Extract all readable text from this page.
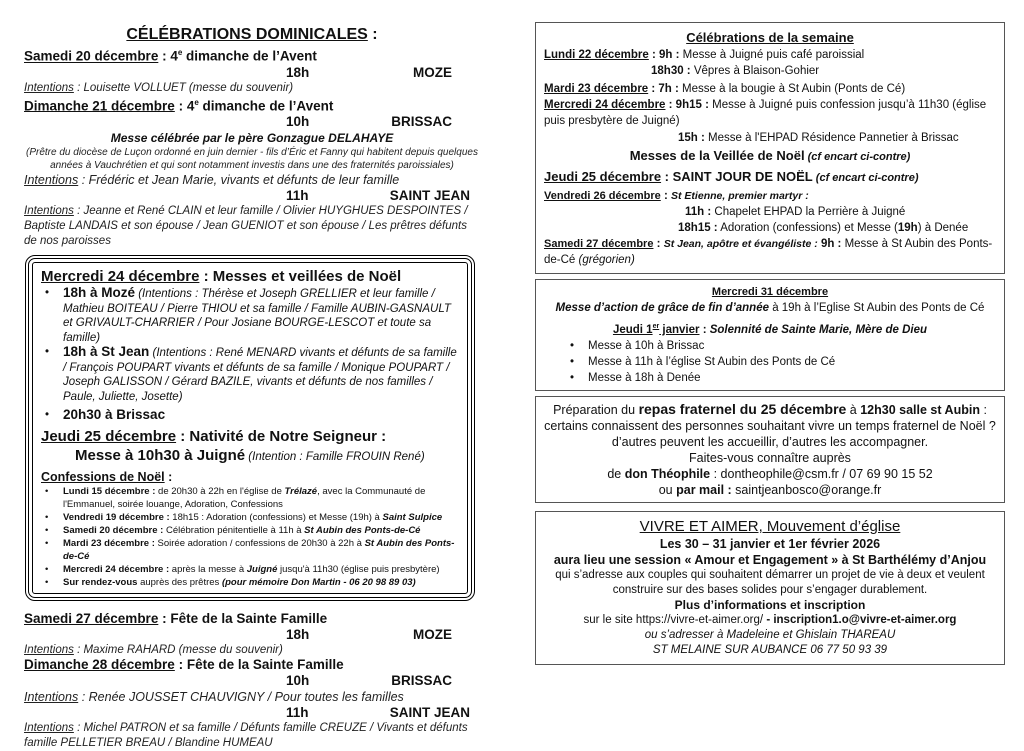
CÉLÉBRATIONS DOMINICALES :
Samedi 20 décembre : 4e dimanche de l’Avent
18h	MOZE
Intentions : Louisette VOLLUET (messe du souvenir)
Dimanche 21 décembre : 4e dimanche de l’Avent
10h	BRISSAC
Messe célébrée par le père Gonzague DELAHAYE
(Prêtre du diocèse de Luçon ordonné en juin dernier - fils d’Éric et Fanny qui habitent depuis quelques années à Vauchrétien et qui sont notamment investis dans une des fraternités paroissiales)
Intentions : Frédéric et Jean Marie, vivants et défunts de leur famille
11h	SAINT JEAN
Intentions : Jeanne et René CLAIN et leur famille / Olivier HUYGHUES DESPOINTES / Baptiste LANDAIS et son épouse / Jean GUENIOT et son épouse / Les prêtres défunts de nos paroisses
Mercredi 24 décembre : Messes et veillées de Noël
• 18h à Mozé (Intentions : Thérèse et Joseph GRELLIER et leur famille / Mathieu BOITEAU / Pierre THIOU et sa famille / Famille AUBIN-GASNAULT et GRIVAULT-CHARRIER / Pour Josiane BOURGE-LESCOT et toute sa famille)
• 18h à St Jean (Intentions : René MENARD vivants et défunts de sa famille / François POUPART vivants et défunts de sa famille / Monique POUPART / Joseph GALISSON / Gérard BAZILE, vivants et défunts de nos familles / Paule, Juliette, Josette)
• 20h30 à Brissac
Jeudi 25 décembre : Nativité de Notre Seigneur :
Messe à 10h30 à Juigné (Intention : Famille FROUIN René)
Confessions de Noël :
• Lundi 15 décembre : de 20h30 à 22h en l'église de Trélazé, avec la Communauté de l'Emmanuel, soirée louange, Adoration, Confessions
• Vendredi 19 décembre : 18h15 : Adoration (confessions) et Messe (19h) à Saint Sulpice
• Samedi 20 décembre : Célébration pénitentielle à 11h à St Aubin des Ponts-de-Cé
• Mardi 23 décembre : Soirée adoration / confessions de 20h30 à 22h à St Aubin des Ponts-de-Cé
• Mercredi 24 décembre : après la messe à Juigné jusqu'à 11h30 (église puis presbytère)
• Sur rendez-vous auprès des prêtres (pour mémoire Don Martin - 06 20 98 89 03)
Samedi 27 décembre : Fête de la Sainte Famille
18h	MOZE
Intentions : Maxime RAHARD (messe du souvenir)
Dimanche 28 décembre : Fête de la Sainte Famille
10h	BRISSAC
Intentions : Renée JOUSSET CHAUVIGNY / Pour toutes les familles
11h	SAINT JEAN
Intentions : Michel PATRON et sa famille / Défunts famille CREUZE / Vivants et défunts famille PELLETIER BREAU / Blandine HUMEAU
Célébrations de la semaine
Lundi 22 décembre : 9h : Messe à Juigné puis café paroissial
18h30 : Vêpres à Blaison-Gohier
Mardi 23 décembre : 7h : Messe à la bougie à St Aubin (Ponts de Cé)
Mercredi 24 décembre : 9h15 : Messe à Juigné puis confession jusqu’à 11h30 (église puis presbytère de Juigné)
15h : Messe à l'EHPAD Résidence Pannetier à Brissac
Messes de la Veillée de Noël (cf encart ci-contre)
Jeudi 25 décembre : SAINT JOUR DE NOËL (cf encart ci-contre)
Vendredi 26 décembre : St Etienne, premier martyr :
11h : Chapelet EHPAD la Perrière à Juigné
18h15 : Adoration (confessions) et Messe (19h) à Denée
Samedi 27 décembre : St Jean, apôtre et évangéliste : 9h : Messe à St Aubin des Ponts-de-Cé (grégorien)
Mercredi 31 décembre
Messe d’action de grâce de fin d’année à 19h à l’Eglise St Aubin des Ponts de Cé
Jeudi 1er janvier : Solennité de Sainte Marie, Mère de Dieu
• Messe à 10h à Brissac
• Messe à 11h à l’église St Aubin des Ponts de Cé
• Messe à 18h à Denée
Préparation du repas fraternel du 25 décembre à 12h30 salle st Aubin :
certains connaissent des personnes souhaitant vivre un temps fraternel de Noël ?
d’autres peuvent les accueillir, d’autres les accompagner.
Faites-vous connaître auprès
de don Théophile : dontheophile@csm.fr / 07 69 90 15 52
ou par mail : saintjeanbosco@orange.fr
VIVRE ET AIMER, Mouvement d’église
Les 30 – 31 janvier et 1er février 2026
aura lieu une session « Amour et Engagement » à St Barthélémy d’Anjou
qui s’adresse aux couples qui souhaitent démarrer un projet de vie à deux et veulent construire sur des bases solides pour s’engager durablement.
Plus d’informations et inscription
sur le site https://vivre-et-aimer.org/ - inscription1.o@vivre-et-aimer.org
ou s’adresser à Madeleine et Ghislain THAREAU
ST MELAINE SUR AUBANCE 06 77 50 93 39
